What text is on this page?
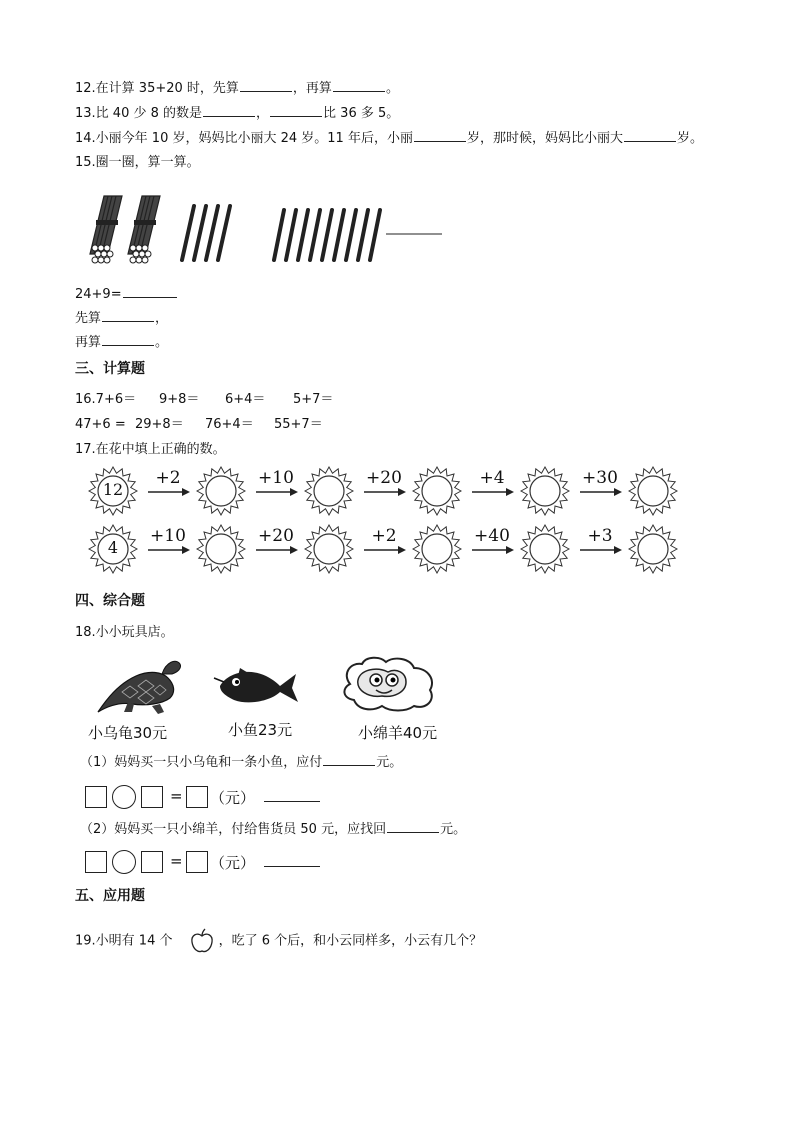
12.在计算 35+20 时，先算	，再算	。
13.比 40 少 8 的数是	，	比 36 多 5。
14.小丽今年 10 岁，妈妈比小丽大 24 岁。11 年后，小丽	岁，那时候，妈妈比小丽大	岁。
15.圈一圈，算一算。
24+9=
先算	，
再算	。
三、计算题
16.7+6＝ 9+8＝ 6+4＝ 5+7＝
47+6 = 29+8＝ 76+4＝ 55+7＝
17.在花中填上正确的数。
12
+2	+10	+20	+4	+30
4
+10	+20	+2	+40	+3
四、综合题
18.小小玩具店。
小乌龟30元	小鱼23元	小绵羊40元
（1）妈妈买一只小乌龟和一条小鱼，应付	元。
= （元）
（2）妈妈买一只小绵羊，付给售货员 50 元，应找回	元。
= （元）
五、应用题
19.小明有 14 个	，吃了 6 个后，和小云同样多，小云有几个？
